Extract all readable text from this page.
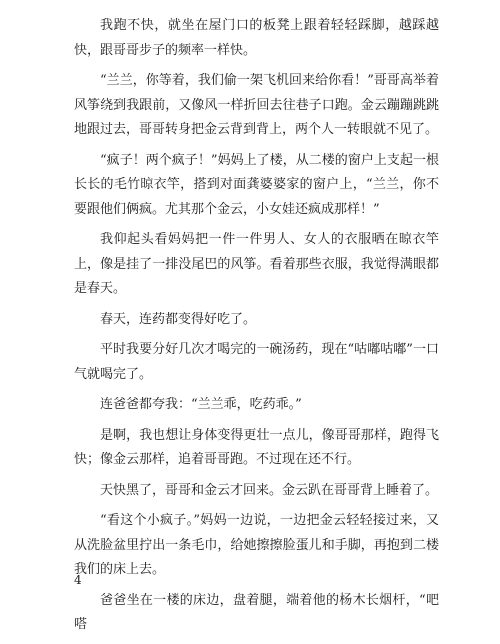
我跑不快，就坐在屋门口的板凳上跟着轻轻踩脚，越踩越快，跟哥哥步子的频率一样快。

“兰兰，你等着，我们偷一架飞机回来给你看！”哥哥高举着风筝绕到我跟前，又像风一样折回去往巷子口跑。金云蹦蹦跳跳地跟过去，哥哥转身把金云背到背上，两个人一转眼就不见了。

“疯子！两个疯子！”妈妈上了楼，从二楼的窗户上支起一根长长的毛竹晾衣竿，搭到对面龚婆婆家的窗户上，“兰兰，你不要跟他们俩疯。尤其那个金云，小女娃还疯成那样！”

我仰起头看妈妈把一件一件男人、女人的衣服晒在晾衣竿上，像是挂了一排没尾巴的风筝。看着那些衣服，我觉得满眼都是春天。

春天，连药都变得好吃了。

平时我要分好几次才喝完的一碗汤药，现在“咕嘟咕嘟”一口气就喝完了。

连爸爸都夸我：“兰兰乖，吃药乖。”

是啊，我也想让身体变得更壮一点儿，像哥哥那样，跑得飞快；像金云那样，追着哥哥跑。不过现在还不行。

天快黑了，哥哥和金云才回来。金云趴在哥哥背上睡着了。

“看这个小疯子。”妈妈一边说，一边把金云轻轻接过来，又从洗脸盆里拧出一条毛巾，给她擦擦脸蛋儿和手脚，再抱到二楼我们的床上去。

爸爸坐在一楼的床边，盘着腿，端着他的杨木长烟杆，“吧嗒

4
